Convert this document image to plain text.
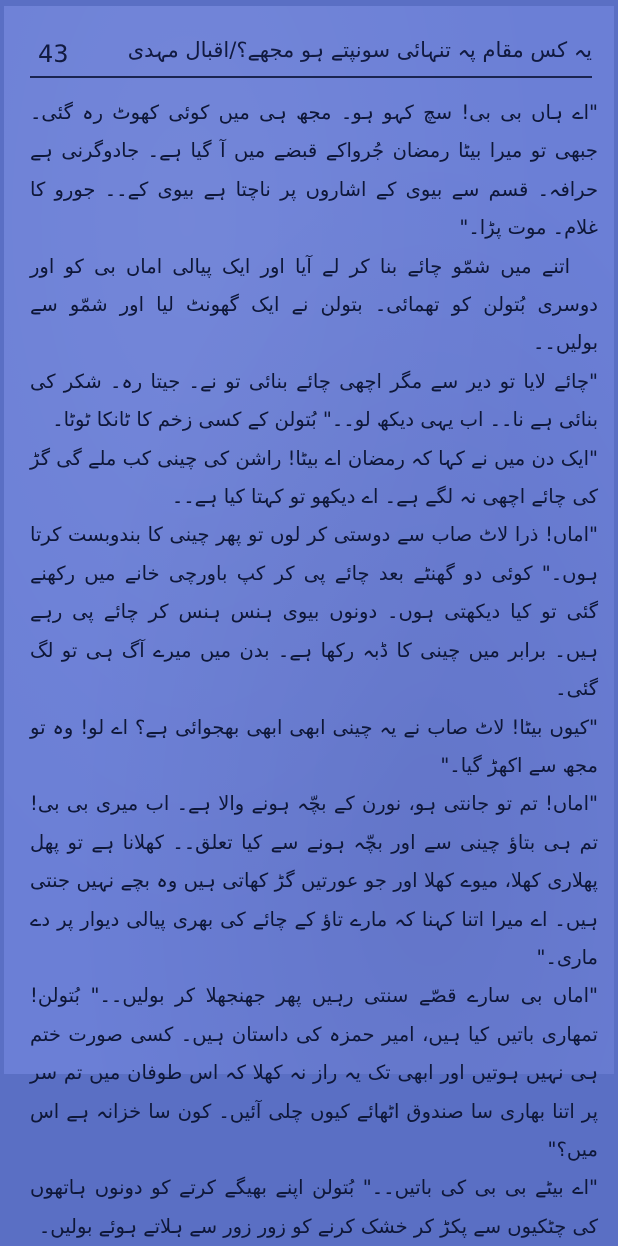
43	یہ کس مقام پہ تنہائی سونپتے ہو مجھے؟/اقبال مہدی

"اے ہاں بی بی! سچ کہو ہو۔ مجھ ہی میں کوئی کھوٹ رہ گئی۔ جبھی تو میرا بیٹا رمضان جُرواکے قبضے میں آ گیا ہے۔ جادوگرنی ہے حرافہ۔ قسم سے بیوی کے اشاروں پر ناچتا ہے بیوی کے۔۔ جورو کا غلام۔ موت پڑا۔"

اتنے میں شمّو چائے بنا کر لے آیا اور ایک پیالی اماں بی کو اور دوسری بُتولن کو تھمائی۔ بتولن نے ایک گھونٹ لیا اور شمّو سے بولیں۔۔

"چائے لایا تو دیر سے مگر اچھی چائے بنائی تو نے۔ جیتا رہ۔ شکر کی بنائی ہے نا۔۔ اب یہی دیکھ لو۔۔" بُتولن کے کسی زخم کا ٹانکا ٹوٹا۔

"ایک دن میں نے کہا کہ رمضان اے بیٹا! راشن کی چینی کب ملے گی گڑ کی چائے اچھی نہ لگے ہے۔ اے دیکھو تو کہتا کیا ہے۔۔

"اماں! ذرا لاٹ صاب سے دوستی کر لوں تو پھر چینی کا بندوبست کرتا ہوں۔" کوئی دو گھنٹے بعد چائے پی کر کپ باورچی خانے میں رکھنے گئی تو کیا دیکھتی ہوں۔ دونوں بیوی ہنس ہنس کر چائے پی رہے ہیں۔ برابر میں چینی کا ڈبہ رکھا ہے۔ بدن میں میرے آگ ہی تو لگ گئی۔

"کیوں بیٹا! لاٹ صاب نے یہ چینی ابھی ابھی بھجوائی ہے؟ اے لو! وہ تو مجھ سے اکھڑ گیا۔"

"اماں! تم تو جانتی ہو، نورن کے بچّہ ہونے والا ہے۔ اب میری بی بی! تم ہی بتاؤ چینی سے اور بچّہ ہونے سے کیا تعلق۔۔ کھلانا ہے تو پھل پھلاری کھلا، میوے کھلا اور جو عورتیں گڑ کھاتی ہیں وہ بچے نہیں جنتی ہیں۔ اے میرا اتنا کہنا کہ مارے تاؤ کے چائے کی بھری پیالی دیوار پر دے ماری۔"

"اماں بی سارے قصّے سنتی رہیں پھر جھنجھلا کر بولیں۔۔" بُتولن! تمھاری باتیں کیا ہیں، امیر حمزہ کی داستان ہیں۔ کسی صورت ختم ہی نہیں ہوتیں اور ابھی تک یہ راز نہ کھلا کہ اس طوفان میں تم سر پر اتنا بھاری سا صندوق اٹھائے کیوں چلی آئیں۔ کون سا خزانہ ہے اس میں؟"

"اے بیٹے بی بی کی باتیں۔۔" بُتولن اپنے بھیگے کرتے کو دونوں ہاتھوں کی چٹکیوں سے پکڑ کر خشک کرنے کو زور زور سے ہلاتے ہوئے بولیں۔
